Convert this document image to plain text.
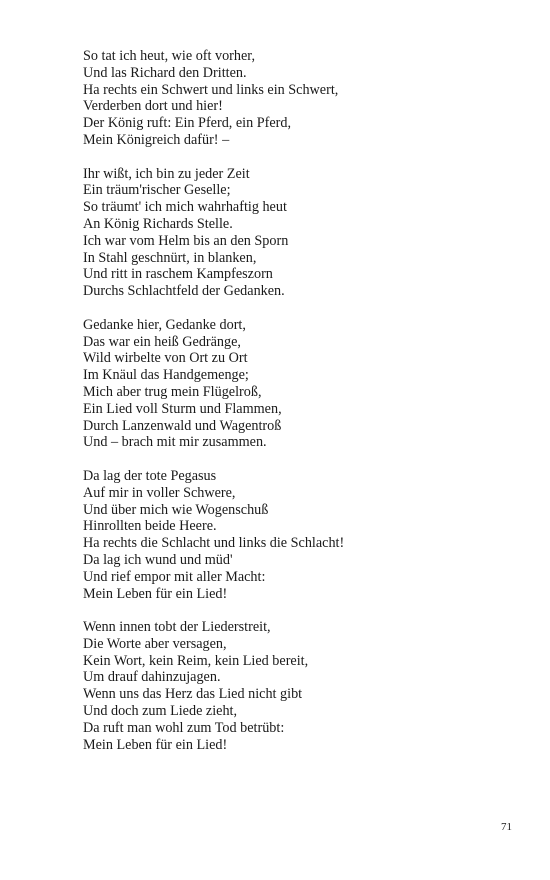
So tat ich heut, wie oft vorher,
Und las Richard den Dritten.
Ha rechts ein Schwert und links ein Schwert,
Verderben dort und hier!
Der König ruft: Ein Pferd, ein Pferd,
Mein Königreich dafür! –
Ihr wißt, ich bin zu jeder Zeit
Ein träum'rischer Geselle;
So träumt' ich mich wahrhaftig heut
An König Richards Stelle.
Ich war vom Helm bis an den Sporn
In Stahl geschnürt, in blanken,
Und ritt in raschem Kampfeszorn
Durchs Schlachtfeld der Gedanken.
Gedanke hier, Gedanke dort,
Das war ein heiß Gedränge,
Wild wirbelte von Ort zu Ort
Im Knäul das Handgemenge;
Mich aber trug mein Flügelroß,
Ein Lied voll Sturm und Flammen,
Durch Lanzenwald und Wagentroß
Und – brach mit mir zusammen.
Da lag der tote Pegasus
Auf mir in voller Schwere,
Und über mich wie Wogenschuß
Hinrollten beide Heere.
Ha rechts die Schlacht und links die Schlacht!
Da lag ich wund und müd'
Und rief empor mit aller Macht:
Mein Leben für ein Lied!
Wenn innen tobt der Liederstreit,
Die Worte aber versagen,
Kein Wort, kein Reim, kein Lied bereit,
Um drauf dahinzujagen.
Wenn uns das Herz das Lied nicht gibt
Und doch zum Liede zieht,
Da ruft man wohl zum Tod betrübt:
Mein Leben für ein Lied!
71
